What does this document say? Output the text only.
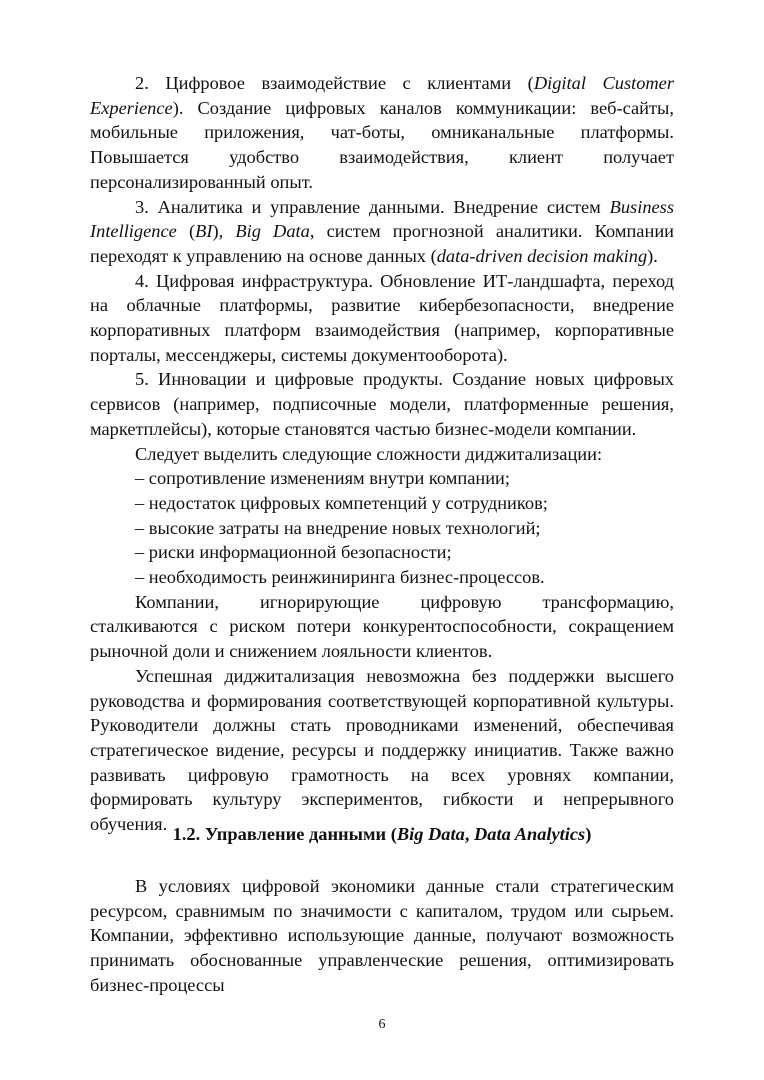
2. Цифровое взаимодействие с клиентами (Digital Customer Experience). Создание цифровых каналов коммуникации: веб-сайты, мобильные приложения, чат-боты, омниканальные платформы. Повышается удобство взаимодействия, клиент получает персонализированный опыт.

3. Аналитика и управление данными. Внедрение систем Business Intelligence (BI), Big Data, систем прогнозной аналитики. Компании переходят к управлению на основе данных (data-driven decision making).

4. Цифровая инфраструктура. Обновление ИТ-ландшафта, переход на облачные платформы, развитие кибербезопасности, внедрение корпоративных платформ взаимодействия (например, корпоративные порталы, мессенджеры, системы документооборота).

5. Инновации и цифровые продукты. Создание новых цифровых сервисов (например, подписочные модели, платформенные решения, маркетплейсы), которые становятся частью бизнес-модели компании.

Следует выделить следующие сложности диджитализации:

– сопротивление изменениям внутри компании;

– недостаток цифровых компетенций у сотрудников;

– высокие затраты на внедрение новых технологий;

– риски информационной безопасности;

– необходимость реинжиниринга бизнес-процессов.

Компании, игнорирующие цифровую трансформацию, сталкиваются с риском потери конкурентоспособности, сокращением рыночной доли и снижением лояльности клиентов.

Успешная диджитализация невозможна без поддержки высшего руководства и формирования соответствующей корпоративной культуры. Руководители должны стать проводниками изменений, обеспечивая стратегическое видение, ресурсы и поддержку инициатив. Также важно развивать цифровую грамотность на всех уровнях компании, формировать культуру экспериментов, гибкости и непрерывного обучения. 1.2. Управление данными (Big Data, Data Analytics)

В условиях цифровой экономики данные стали стратегическим ресурсом, сравнимым по значимости с капиталом, трудом или сырьем. Компании, эффективно использующие данные, получают возможность принимать обоснованные управленческие решения, оптимизировать бизнес-процессы

6
